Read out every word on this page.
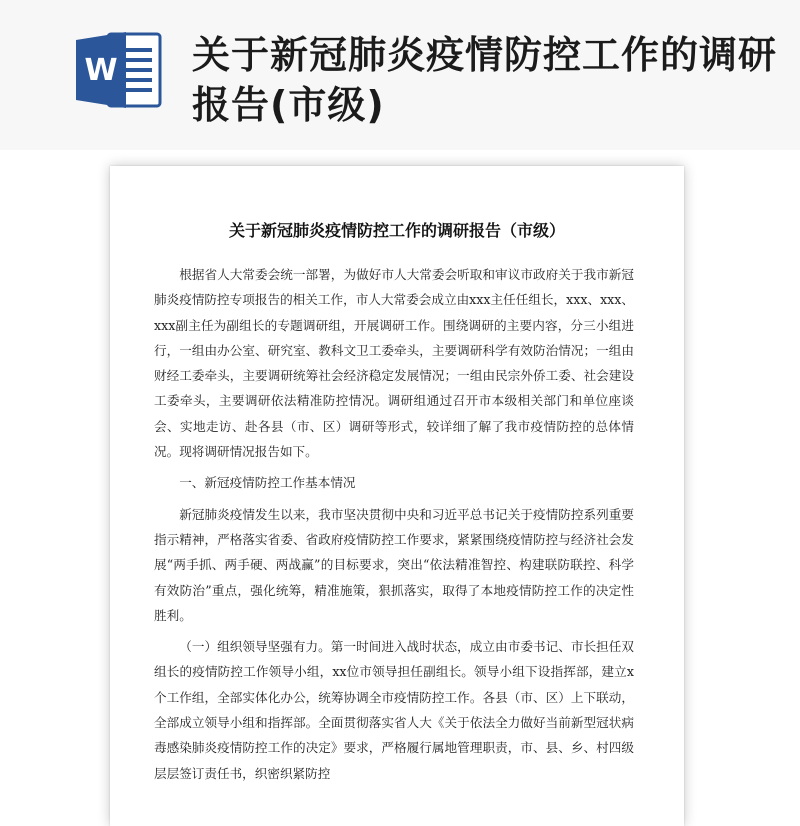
W 关于新冠肺炎疫情防控工作的调研报告(市级)
关于新冠肺炎疫情防控工作的调研报告（市级）

根据省人大常委会统一部署，为做好市人大常委会听取和审议市政府关于我市新冠肺炎疫情防控专项报告的相关工作，市人大常委会成立由xxx主任任组长，xxx、xxx、xxx副主任为副组长的专题调研组，开展调研工作。围绕调研的主要内容，分三小组进行，一组由办公室、研究室、教科文卫工委牵头，主要调研科学有效防治情况；一组由财经工委牵头，主要调研统筹社会经济稳定发展情况；一组由民宗外侨工委、社会建设工委牵头，主要调研依法精准防控情况。调研组通过召开市本级相关部门和单位座谈会、实地走访、赴各县（市、区）调研等形式，较详细了解了我市疫情防控的总体情况。现将调研情况报告如下。

一、新冠疫情防控工作基本情况

新冠肺炎疫情发生以来，我市坚决贯彻中央和习近平总书记关于疫情防控系列重要指示精神，严格落实省委、省政府疫情防控工作要求，紧紧围绕疫情防控与经济社会发展“两手抓、两手硬、两战赢”的目标要求，突出“依法精准智控、构建联防联控、科学有效防治”重点，强化统筹，精准施策，狠抓落实，取得了本地疫情防控工作的决定性胜利。

（一）组织领导坚强有力。第一时间进入战时状态，成立由市委书记、市长担任双组长的疫情防控工作领导小组，xx位市领导担任副组长。领导小组下设指挥部，建立x个工作组，全部实体化办公，统筹协调全市疫情防控工作。各县（市、区）上下联动，全部成立领导小组和指挥部。全面贯彻落实省人大《关于依法全力做好当前新型冠状病毒感染肺炎疫情防控工作的决定》要求，严格履行属地管理职责，市、县、乡、村四级层层签订责任书，织密织紧防控
